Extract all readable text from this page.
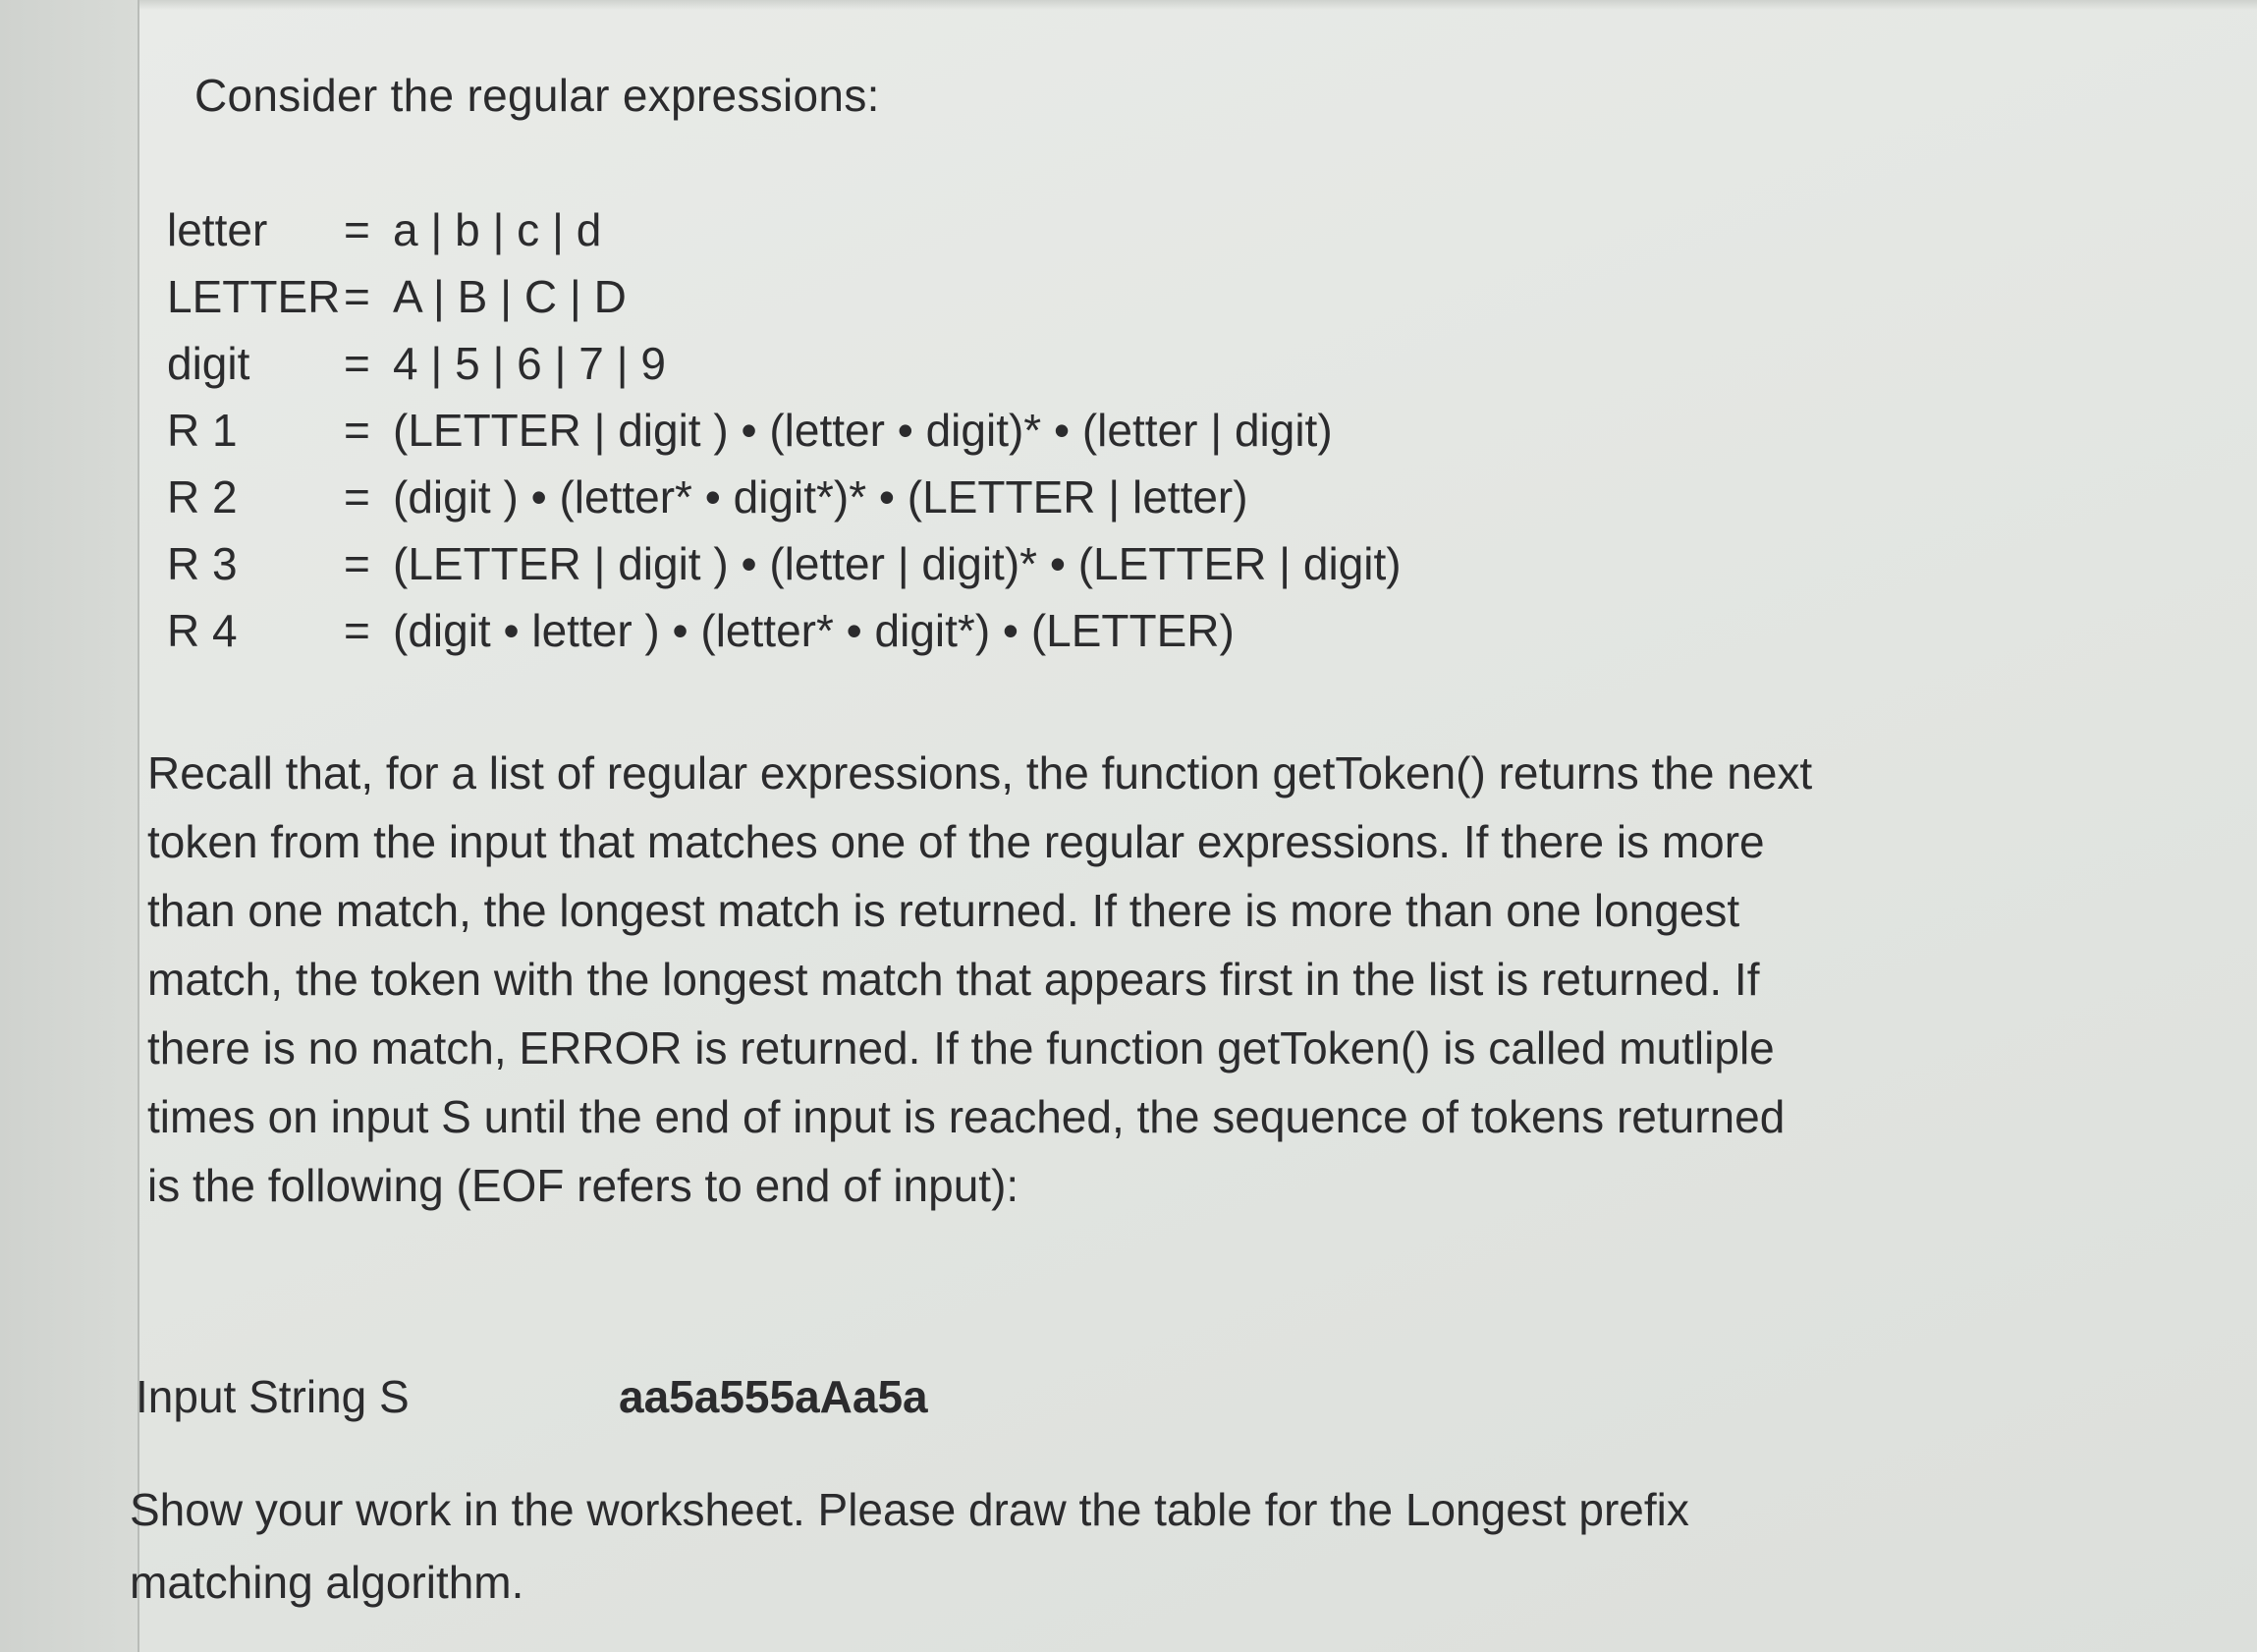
Consider the regular expressions:

letter = a | b | c | d
LETTER = A | B | C | D
digit = 4 | 5 | 6 | 7 | 9
R 1 = (LETTER | digit ) • (letter • digit)* • (letter | digit)
R 2 = (digit ) • (letter* • digit*)* • (LETTER | letter)
R 3 = (LETTER | digit ) • (letter | digit)* • (LETTER | digit)
R 4 = (digit • letter ) • (letter* • digit*) • (LETTER)

Recall that, for a list of regular expressions, the function getToken() returns the next token from the input that matches one of the regular expressions. If there is more than one match, the longest match is returned. If there is more than one longest match, the token with the longest match that appears first in the list is returned. If there is no match, ERROR is returned. If the function getToken() is called mutliple times on input S until the end of input is reached, the sequence of tokens returned is the following (EOF refers to end of input):

Input String S	aa5a555aAa5a

Show your work in the worksheet. Please draw the table for the Longest prefix matching algorithm.
